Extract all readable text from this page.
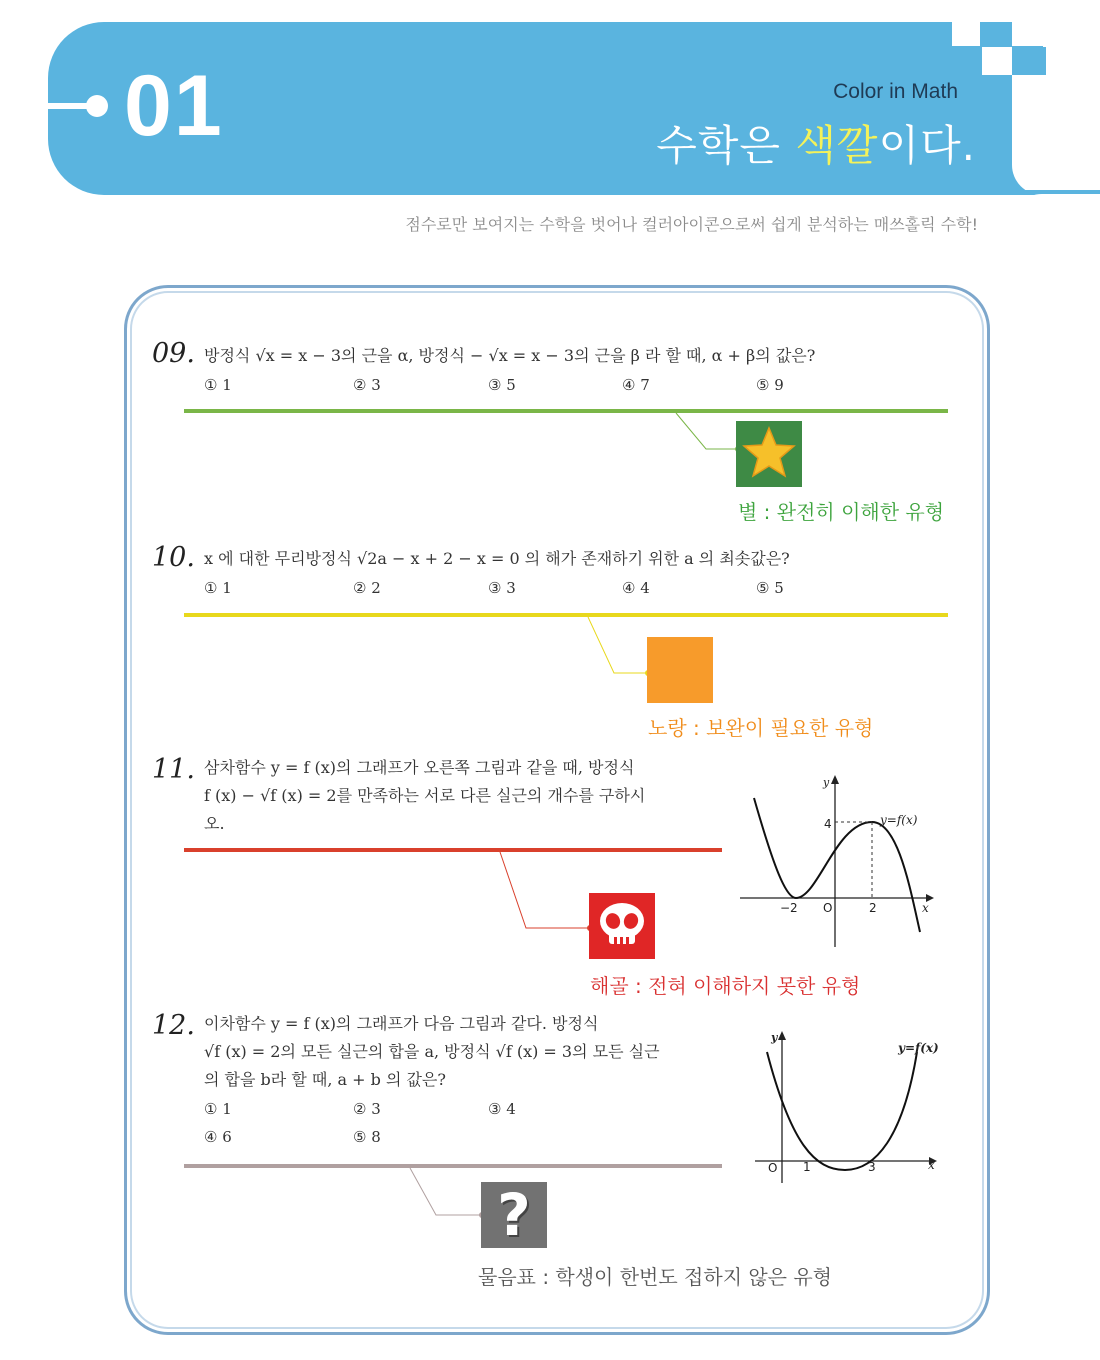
01	Color in Math
수학은 색깔이다.
점수로만 보여지는 수학을 벗어나 컬러아이콘으로써 쉽게 분석하는 매쓰홀릭 수학!
09. 방정식 √x = x − 3의 근을 α, 방정식 − √x = x − 3의 근을 β 라 할 때, α + β의 값은?
① 1	② 3	③ 5	④ 7	⑤ 9
별 : 완전히 이해한 유형
10. x 에 대한 무리방정식 √2a − x + 2 − x = 0 의 해가 존재하기 위한 a 의 최솟값은?
① 1	② 2	③ 3	④ 4	⑤ 5
노랑 : 보완이 필요한 유형
11. 삼차함수 y = f (x)의 그래프가 오른쪽 그림과 같을 때, 방정식
f (x) − √f (x) = 2를 만족하는 서로 다른 실근의 개수를 구하시
오.
y
x
y=f(x)
−2 O	2
4
해골 : 전혀 이해하지 못한 유형
12. 이차함수 y = f (x)의 그래프가 다음 그림과 같다. 방정식
√f (x) = 2의 모든 실근의 합을 a, 방정식 √f (x) = 3의 모든 실근
의 합을 b라 할 때, a + b 의 값은?
① 1	② 3	③ 4
④ 6	⑤ 8
y
x
y=f(x)
O 1	3
?
물음표 : 학생이 한번도 접하지 않은 유형
